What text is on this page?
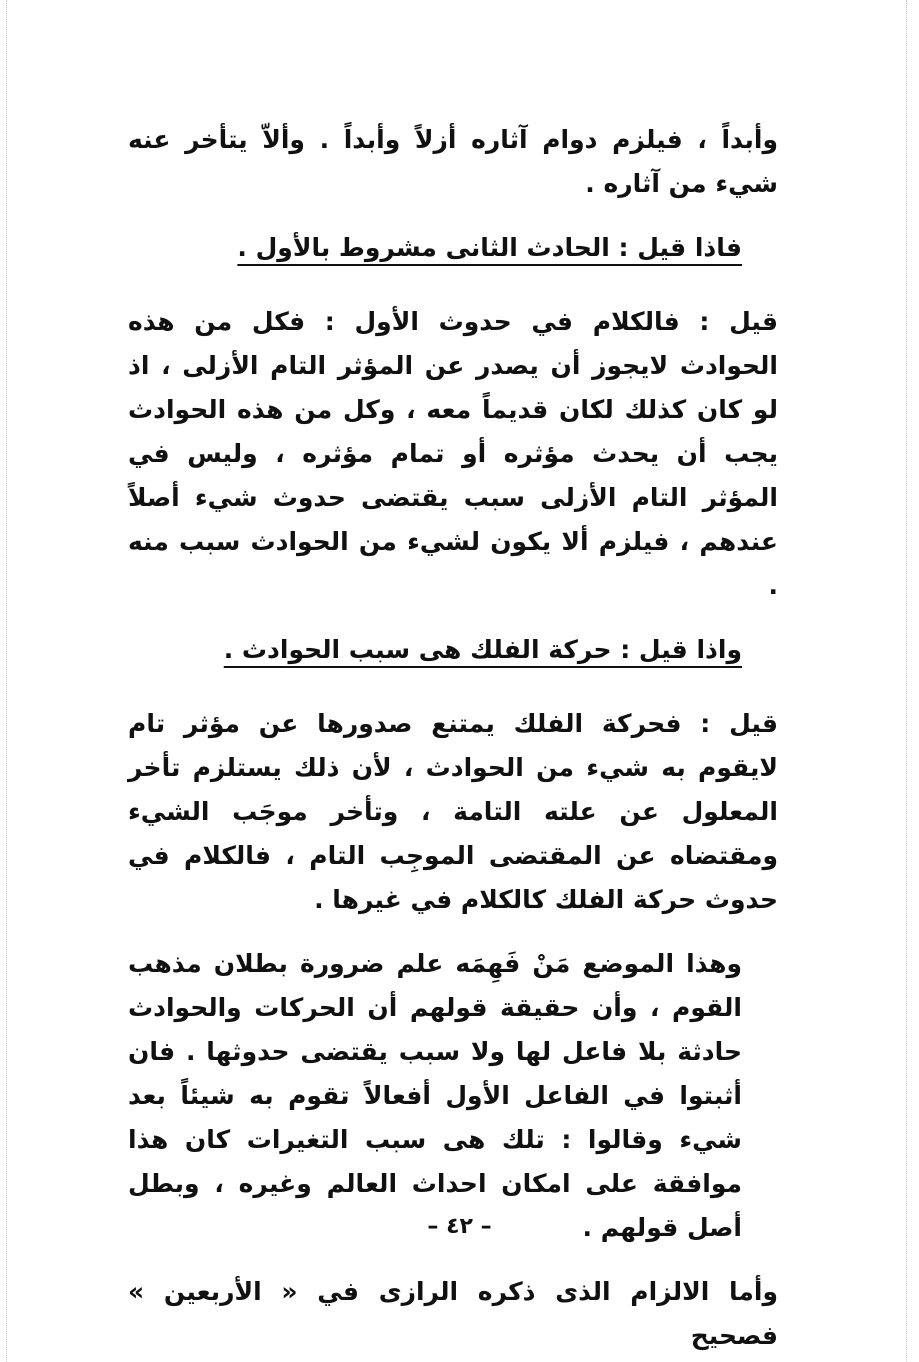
وأبداً ، فيلزم دوام آثاره أزلاً وأبداً . وألاّ يتأخر عنه شيء من آثاره .

فاذا قيل : الحادث الثانى مشروط بالأول .

قيل : فالكلام في حدوث الأول : فكل من هذه الحوادث لايجوز أن يصدر عن المؤثر التام الأزلى ، اذ لو كان كذلك لكان قديماً معه ، وكل من هذه الحوادث يجب أن يحدث مؤثره أو تمام مؤثره ، وليس في المؤثر التام الأزلى سبب يقتضى حدوث شيء أصلاً عندهم ، فيلزم ألا يكون لشيء من الحوادث سبب منه .

واذا قيل : حركة الفلك هى سبب الحوادث .

قيل : فحركة الفلك يمتنع صدورها عن مؤثر تام لايقوم به شيء من الحوادث ، لأن ذلك يستلزم تأخر المعلول عن علته التامة ، وتأخر موجَب الشيء ومقتضاه عن المقتضى الموجِب التام ، فالكلام في حدوث حركة الفلك كالكلام في غيرها .

وهذا الموضع مَنْ فَهِمَه علم ضرورة بطلان مذهب القوم ، وأن حقيقة قولهم أن الحركات والحوادث حادثة بلا فاعل لها ولا سبب يقتضى حدوثها . فان أثبتوا في الفاعل الأول أفعالاً تقوم به شيئاً بعد شيء وقالوا : تلك هى سبب التغيرات كان هذا موافقة على امكان احداث العالم وغيره ، وبطل أصل قولهم .

وأما الالزام الذى ذكره الرازى في « الأربعين » فصحيح

– ٤٢ –
